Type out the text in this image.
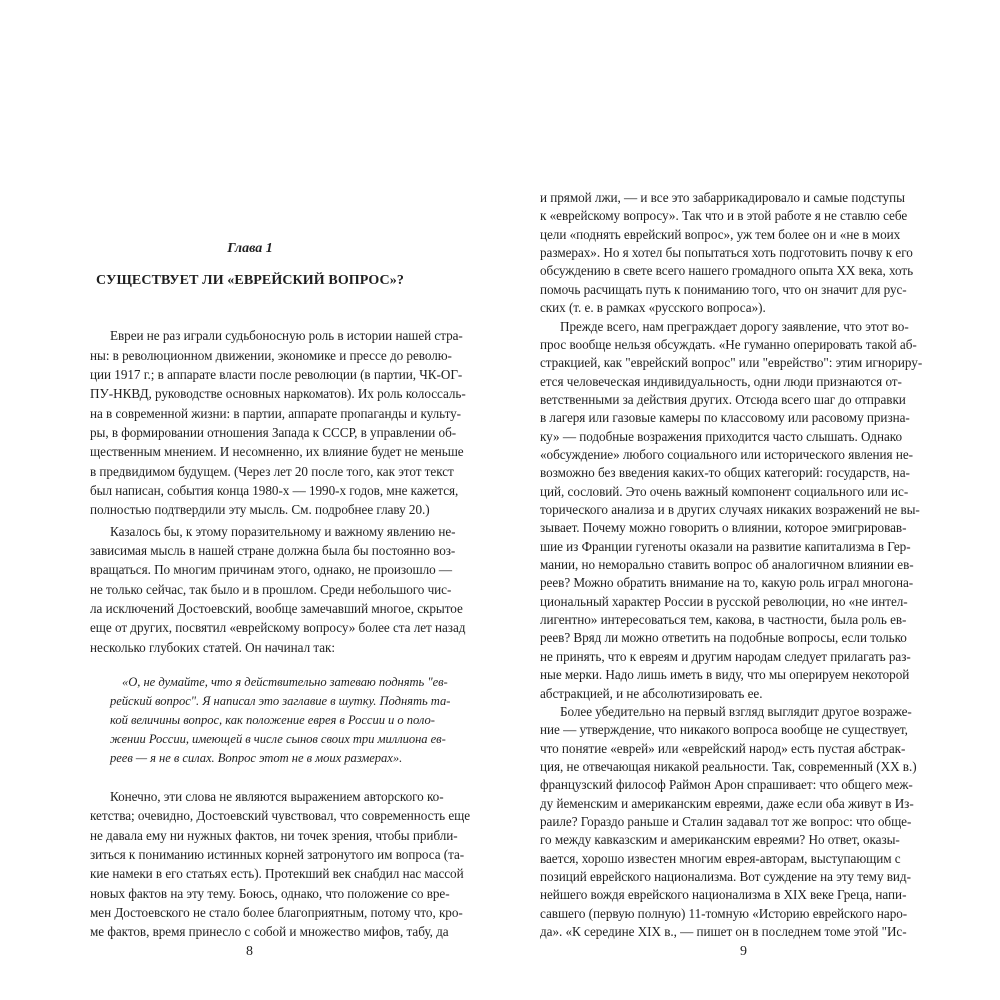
Глава 1
СУЩЕСТВУЕТ ЛИ «ЕВРЕЙСКИЙ ВОПРОС»?
Евреи не раз играли судьбоносную роль в истории нашей стра-
ны: в революционном движении, экономике и прессе до револю-
ции 1917 г.; в аппарате власти после революции (в партии, ЧК-ОГ-
ПУ-НКВД, руководстве основных наркоматов). Их роль колоссаль-
на в современной жизни: в партии, аппарате пропаганды и культу-
ры, в формировании отношения Запада к СССР, в управлении об-
щественным мнением. И несомненно, их влияние будет не меньше
в предвидимом будущем. (Через лет 20 после того, как этот текст
был написан, события конца 1980-х — 1990-х годов, мне кажется,
полностью подтвердили эту мысль. См. подробнее главу 20.)
Казалось бы, к этому поразительному и важному явлению не-
зависимая мысль в нашей стране должна была бы постоянно воз-
вращаться. По многим причинам этого, однако, не произошло —
не только сейчас, так было и в прошлом. Среди небольшого чис-
ла исключений Достоевский, вообще замечавший многое, скрытое
еще от других, посвятил «еврейскому вопросу» более ста лет назад
несколько глубоких статей. Он начинал так:
«О, не думайте, что я действительно затеваю поднять "ев-
рейский вопрос". Я написал это заглавие в шутку. Поднять та-
кой величины вопрос, как положение еврея в России и о поло-
жении России, имеющей в числе сынов своих три миллиона ев-
реев — я не в силах. Вопрос этот не в моих размерах».
Конечно, эти слова не являются выражением авторского ко-
кетства; очевидно, Достоевский чувствовал, что современность еще
не давала ему ни нужных фактов, ни точек зрения, чтобы прибли-
зиться к пониманию истинных корней затронутого им вопроса (та-
кие намеки в его статьях есть). Протекший век снабдил нас массой
новых фактов на эту тему. Боюсь, однако, что положение со вре-
мен Достоевского не стало более благоприятным, потому что, кро-
ме фактов, время принесло с собой и множество мифов, табу, да
8
и прямой лжи, — и все это забаррикадировало и самые подступы
к «еврейскому вопросу». Так что и в этой работе я не ставлю себе
цели «поднять еврейский вопрос», уж тем более он и «не в моих
размерах». Но я хотел бы попытаться хоть подготовить почву к его
обсуждению в свете всего нашего громадного опыта XX века, хоть
помочь расчищать путь к пониманию того, что он значит для рус-
ских (т. е. в рамках «русского вопроса»).
Прежде всего, нам преграждает дорогу заявление, что этот во-
прос вообще нельзя обсуждать. «Не гуманно оперировать такой аб-
стракцией, как "еврейский вопрос" или "еврейство": этим игнориру-
ется человеческая индивидуальность, одни люди признаются от-
ветственными за действия других. Отсюда всего шаг до отправки
в лагеря или газовые камеры по классовому или расовому призна-
ку» — подобные возражения приходится часто слышать. Однако
«обсуждение» любого социального или исторического явления не-
возможно без введения каких-то общих категорий: государств, на-
ций, сословий. Это очень важный компонент социального или ис-
торического анализа и в других случаях никаких возражений не вы-
зывает. Почему можно говорить о влиянии, которое эмигрировав-
шие из Франции гугеноты оказали на развитие капитализма в Гер-
мании, но неморально ставить вопрос об аналогичном влиянии ев-
реев? Можно обратить внимание на то, какую роль играл многона-
циональный характер России в русской революции, но «не интел-
лигентно» интересоваться тем, какова, в частности, была роль ев-
реев? Вряд ли можно ответить на подобные вопросы, если только
не принять, что к евреям и другим народам следует прилагать раз-
ные мерки. Надо лишь иметь в виду, что мы оперируем некоторой
абстракцией, и не абсолютизировать ее.
Более убедительно на первый взгляд выглядит другое возраже-
ние — утверждение, что никакого вопроса вообще не существует,
что понятие «еврей» или «еврейский народ» есть пустая абстрак-
ция, не отвечающая никакой реальности. Так, современный (XX в.)
французский философ Раймон Арон спрашивает: что общего меж-
ду йеменским и американским евреями, даже если оба живут в Из-
раиле? Гораздо раньше и Сталин задавал тот же вопрос: что обще-
го между кавказским и американским евреями? Но ответ, оказы-
вается, хорошо известен многим еврея-авторам, выступающим с
позиций еврейского национализма. Вот суждение на эту тему вид-
нейшего вождя еврейского национализма в XIX веке Греца, напи-
савшего (первую полную) 11-томную «Историю еврейского наро-
да». «К середине XIX в., — пишет он в последнем томе этой "Ис-
9
